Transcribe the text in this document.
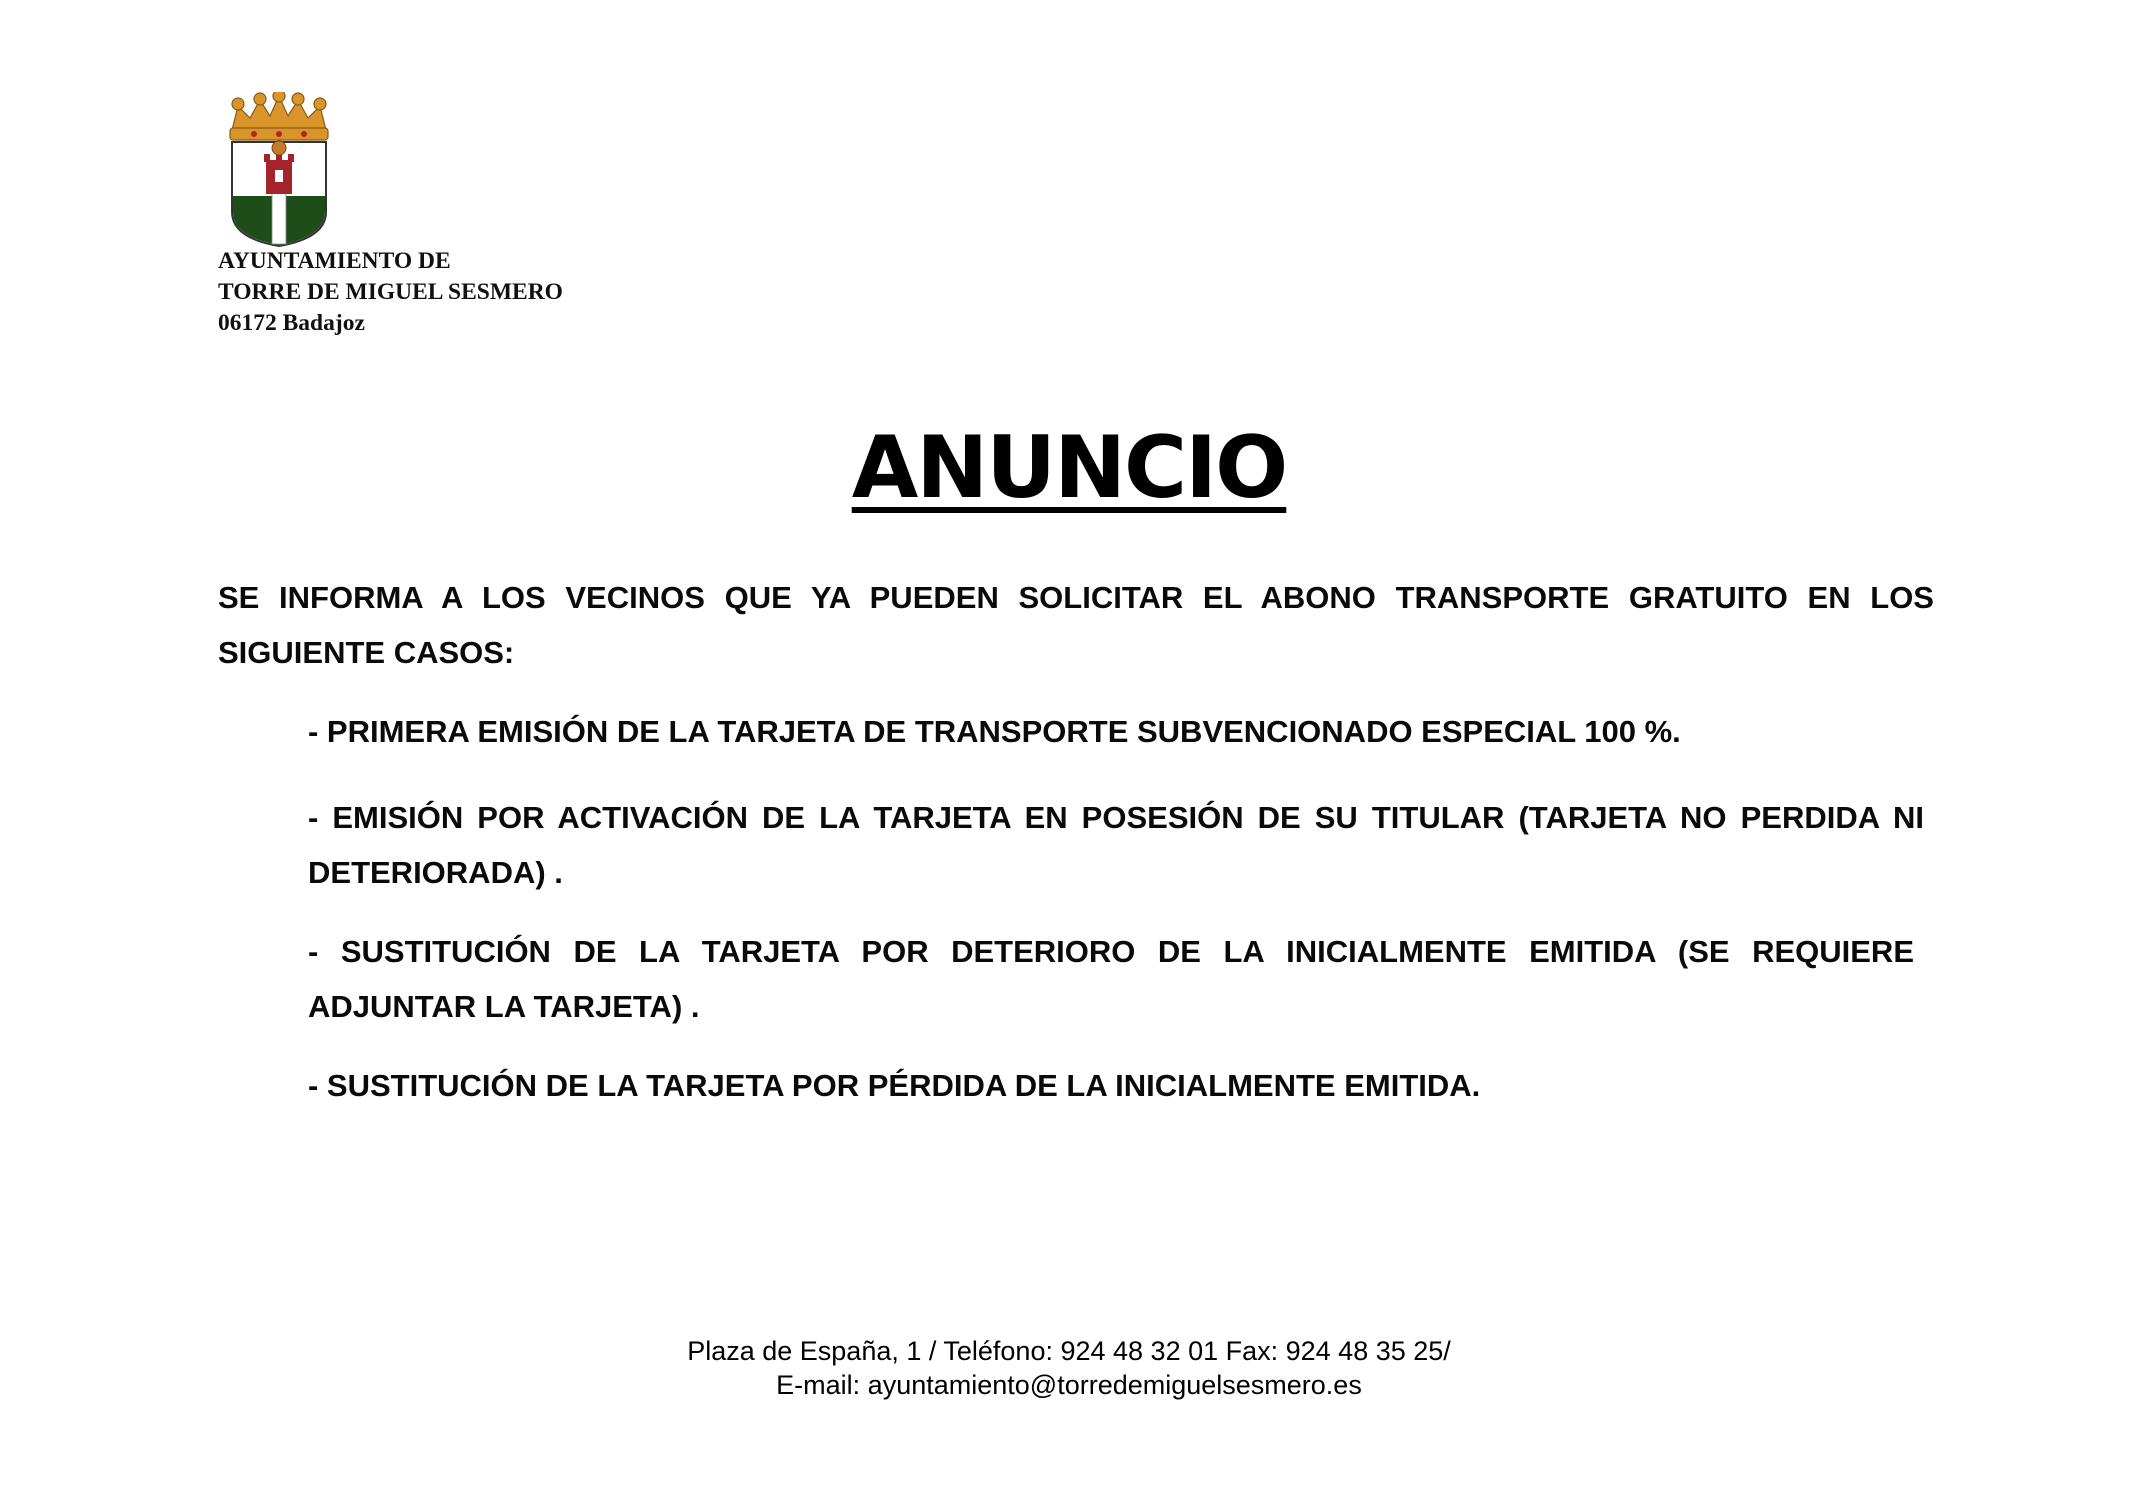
AYUNTAMIENTO DE
TORRE DE MIGUEL SESMERO
06172 Badajoz
ANUNCIO
SE INFORMA A LOS VECINOS QUE YA PUEDEN SOLICITAR EL ABONO TRANSPORTE GRATUITO EN LOS SIGUIENTE CASOS:
- PRIMERA EMISIÓN DE LA TARJETA DE TRANSPORTE SUBVENCIONADO ESPECIAL 100 %.
- EMISIÓN POR ACTIVACIÓN DE LA TARJETA EN POSESIÓN DE SU TITULAR (TARJETA NO PERDIDA NI DETERIORADA) .
- SUSTITUCIÓN DE LA TARJETA POR DETERIORO DE LA INICIALMENTE EMITIDA (SE REQUIERE ADJUNTAR LA TARJETA) .
- SUSTITUCIÓN DE LA TARJETA POR PÉRDIDA DE LA INICIALMENTE EMITIDA.
Plaza de España, 1 / Teléfono: 924 48 32 01 Fax: 924 48 35 25/
E-mail: ayuntamiento@torredemiguelsesmero.es
